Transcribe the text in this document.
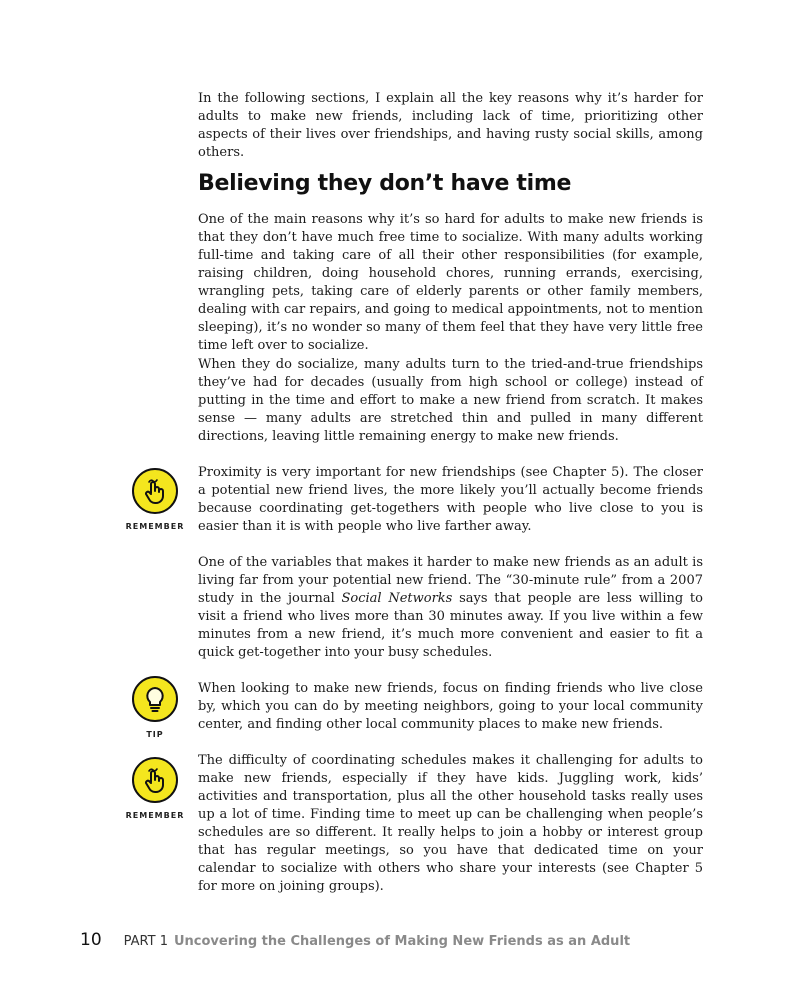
In the following sections, I explain all the key reasons why it’s harder for adults to make new friends, including lack of time, prioritizing other aspects of their lives over friendships, and having rusty social skills, among others.

Believing they don’t have time

One of the main reasons why it’s so hard for adults to make new friends is that they don’t have much free time to socialize. With many adults working full-time and taking care of all their other responsibilities (for example, raising children, doing household chores, running errands, exercising, wrangling pets, taking care of elderly parents or other family members, dealing with car repairs, and going to medical appointments, not to mention sleeping), it’s no wonder so many of them feel that they have very little free time left over to socialize.

When they do socialize, many adults turn to the tried-and-true friendships they’ve had for decades (usually from high school or college) instead of putting in the time and effort to make a new friend from scratch. It makes sense — many adults are stretched thin and pulled in many different directions, leaving little remaining energy to make new friends.

REMEMBER

Proximity is very important for new friendships (see Chapter 5). The closer a potential new friend lives, the more likely you’ll actually become friends because coordinating get-togethers with people who live close to you is easier than it is with people who live farther away.

One of the variables that makes it harder to make new friends as an adult is living far from your potential new friend. The “30-minute rule” from a 2007 study in the journal Social Networks says that people are less willing to visit a friend who lives more than 30 minutes away. If you live within a few minutes from a new friend, it’s much more convenient and easier to fit a quick get-together into your busy schedules.

TIP

When looking to make new friends, focus on finding friends who live close by, which you can do by meeting neighbors, going to your local community center, and finding other local community places to make new friends.

REMEMBER

The difficulty of coordinating schedules makes it challenging for adults to make new friends, especially if they have kids. Juggling work, kids’ activities and transportation, plus all the other household tasks really uses up a lot of time. Finding time to meet up can be challenging when people’s schedules are so different. It really helps to join a hobby or interest group that has regular meetings, so you have that dedicated time on your calendar to socialize with others who share your interests (see Chapter 5 for more on joining groups).

10 PART 1 Uncovering the Challenges of Making New Friends as an Adult
